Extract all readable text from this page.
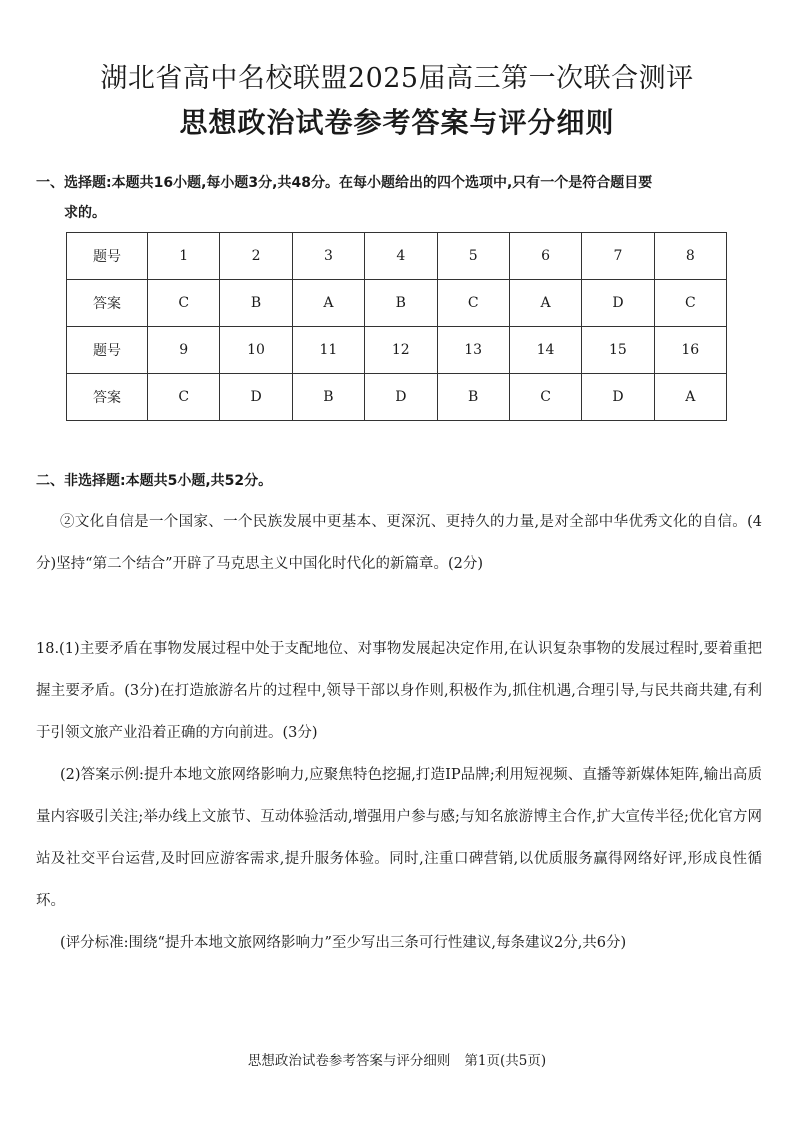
湖北省高中名校联盟2025届高三第一次联合测评
思想政治试卷参考答案与评分细则
一、选择题:本题共16小题,每小题3分,共48分。在每小题给出的四个选项中,只有一个是符合题目要
求的。
题号	1	2	3	4	5	6	7	8
答案	C	B	A	B	C	A	D	C
题号	9	10	11	12	13	14	15	16
答案	C	D	B	D	B	C	D	A
二、非选择题:本题共5小题,共52分。

②文化自信是一个国家、一个民族发展中更基本、更深沉、更持久的力量,是对全部中华优秀文化的自信。(4分)坚持“第二个结合”开辟了马克思主义中国化时代化的新篇章。(2分)

18.(1)主要矛盾在事物发展过程中处于支配地位、对事物发展起决定作用,在认识复杂事物的发展过程时,要着重把握主要矛盾。(3分)在打造旅游名片的过程中,领导干部以身作则,积极作为,抓住机遇,合理引导,与民共商共建,有利于引领文旅产业沿着正确的方向前进。(3分)

(2)答案示例:提升本地文旅网络影响力,应聚焦特色挖掘,打造IP品牌;利用短视频、直播等新媒体矩阵,输出高质量内容吸引关注;举办线上文旅节、互动体验活动,增强用户参与感;与知名旅游博主合作,扩大宣传半径;优化官方网站及社交平台运营,及时回应游客需求,提升服务体验。同时,注重口碑营销,以优质服务赢得网络好评,形成良性循环。

(评分标准:围绕“提升本地文旅网络影响力”至少写出三条可行性建议,每条建议2分,共6分)

思想政治试卷参考答案与评分细则 第1页(共5页)
